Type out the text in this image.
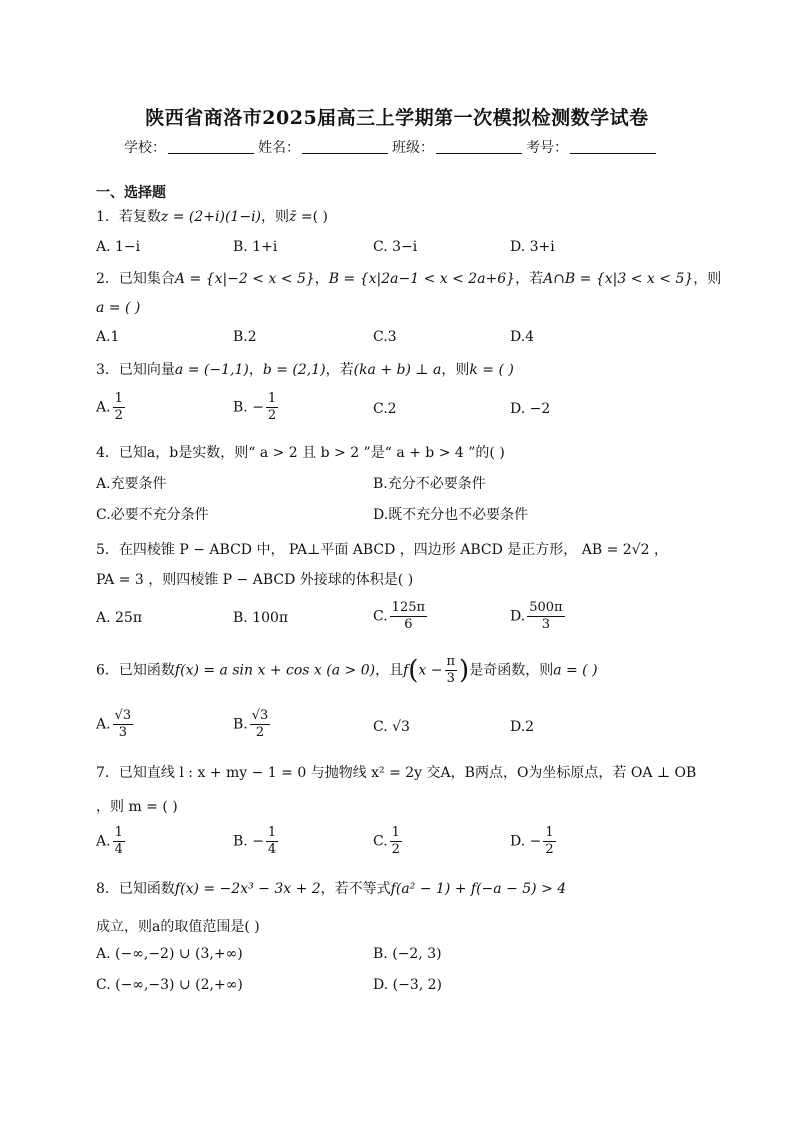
陕西省商洛市2025届高三上学期第一次模拟检测数学试卷
学校：	姓名：	班级：	考号：
一、选择题
1．若复数z = (2+i)(1−i)，则z̄ =( )
A. 1−i	B. 1+i	C. 3−i	D. 3+i
2．已知集合A = {x|−2 < x < 5}，B = {x|2a−1 < x < 2a+6}，若A∩B = {x|3 < x < 5}，则
a = ( )
A.1	B.2	C.3	D.4
3．已知向量a = (−1,1)，b = (2,1)，若(ka + b) ⊥ a，则k = ( )
A. $\frac{1}{2}$	B. − $\frac{1}{2}$	C.2	D. −2
4．已知a，b是实数，则“ a > 2 且 b > 2 ”是“ a + b > 4 ”的( )
A.充要条件	B.充分不必要条件
C.必要不充分条件	D.既不充分也不必要条件
5．在四棱锥 P − ABCD 中， PA⊥平面 ABCD ，四边形 ABCD 是正方形， AB = 2√2 ，
PA = 3 ，则四棱锥 P − ABCD 外接球的体积是( )
A. 25π	B. 100π	C. $\frac{125\pi}{6}$	D. $\frac{500\pi}{3}$
6．已知函数f(x) = a sin x + cos x (a > 0)，且$f(x - \frac{\pi}{3}$ )是奇函数，则a = ( )
A. $\frac{√3}{3}$	B. $\frac{√3}{2}$	C. √3	D.2
7．已知直线 l : x + my − 1 = 0 与抛物线 x² = 2y 交A，B两点，O为坐标原点，若 OA ⊥ OB
，则 m = ( )
A. $\frac{1}{4}$	B. − $\frac{1}{4}$	C. $\frac{1}{2}$	D. − $\frac{1}{2}$
8．已知函数f(x) = −2x³ − 3x + 2，若不等式f(a² − 1) + f(−a − 5) > 4
成立，则a的取值范围是( )
A. (−∞,−2) ∪ (3,+∞)	B. (−2, 3)
C. (−∞,−3) ∪ (2,+∞)	D. (−3, 2)
